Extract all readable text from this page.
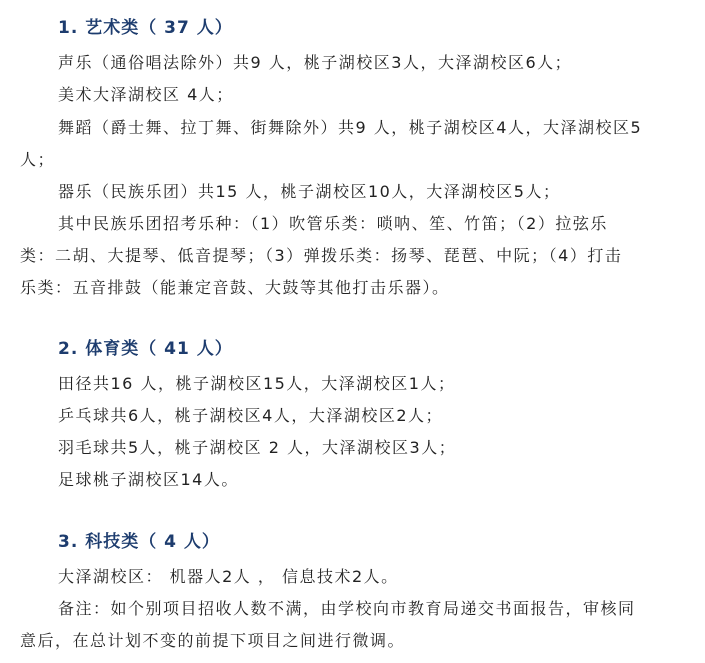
1. 艺术类（ 37 人）
声乐（通俗唱法除外）共9 人，桃子湖校区3人，大泽湖校区6人；
美术大泽湖校区 4人；
舞蹈（爵士舞、拉丁舞、街舞除外）共9 人，桃子湖校区4人，大泽湖校区5
人；
器乐（民族乐团）共15 人，桃子湖校区10人，大泽湖校区5人；
其中民族乐团招考乐种：（1）吹管乐类：唢呐、笙、竹笛；（2）拉弦乐
类：二胡、大提琴、低音提琴；（3）弹拨乐类：扬琴、琵琶、中阮；（4）打击
乐类：五音排鼓（能兼定音鼓、大鼓等其他打击乐器）。
2. 体育类（ 41 人）
田径共16 人，桃子湖校区15人，大泽湖校区1人；
乒乓球共6人，桃子湖校区4人，大泽湖校区2人；
羽毛球共5人，桃子湖校区 2 人，大泽湖校区3人；
足球桃子湖校区14人。
3. 科技类（ 4 人）
大泽湖校区： 机器人2人 ， 信息技术2人。
备注：如个别项目招收人数不满，由学校向市教育局递交书面报告，审核同
意后，在总计划不变的前提下项目之间进行微调。
